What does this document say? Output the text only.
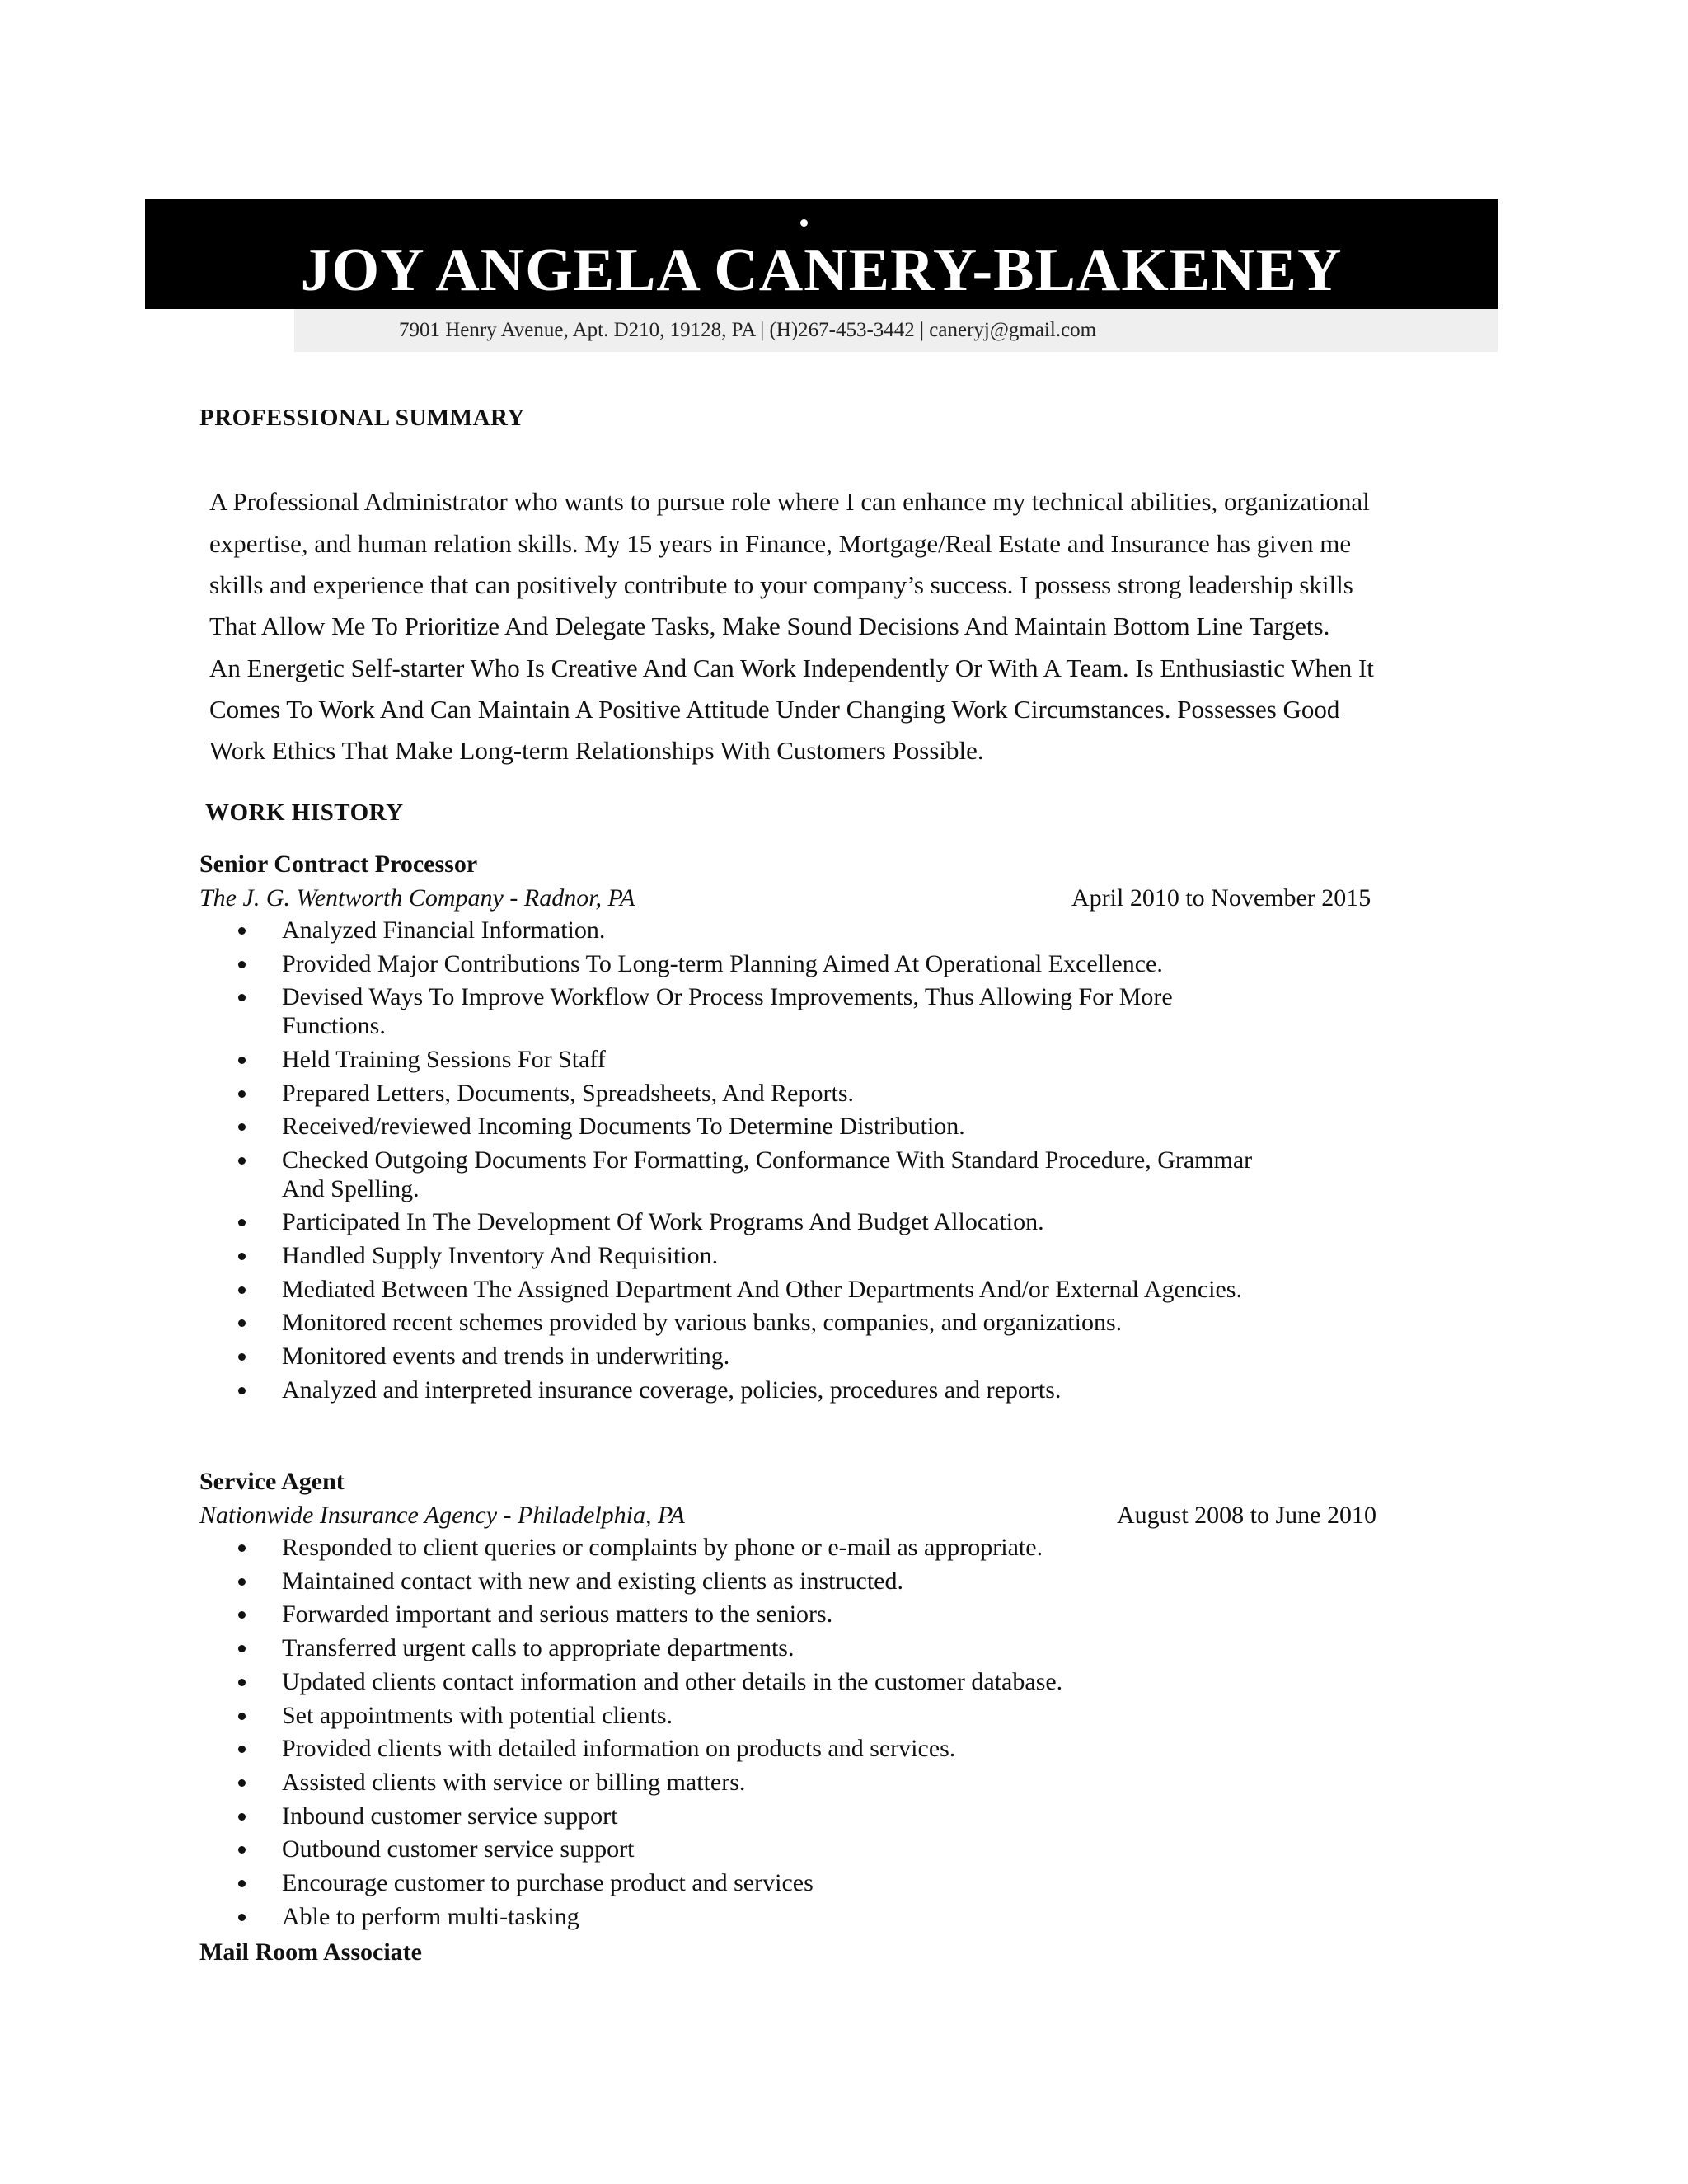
JOY ANGELA CANERY-BLAKENEY
7901 Henry Avenue, Apt. D210, 19128, PA | (H)267-453-3442 | caneryj@gmail.com
PROFESSIONAL SUMMARY
A Professional Administrator who wants to pursue role where I can enhance my technical abilities, organizational
expertise, and human relation skills. My 15 years in Finance, Mortgage/Real Estate and Insurance has given me
skills and experience that can positively contribute to your company’s success. I possess strong leadership skills
That Allow Me To Prioritize And Delegate Tasks, Make Sound Decisions And Maintain Bottom Line Targets.
An Energetic Self-starter Who Is Creative And Can Work Independently Or With A Team. Is Enthusiastic When It
Comes To Work And Can Maintain A Positive Attitude Under Changing Work Circumstances. Possesses Good
Work Ethics That Make Long-term Relationships With Customers Possible.
WORK HISTORY
Senior Contract Processor
The J. G. Wentworth Company - Radnor, PA	April 2010 to November 2015
Analyzed Financial Information.
Provided Major Contributions To Long-term Planning Aimed At Operational Excellence.
Devised Ways To Improve Workflow Or Process Improvements, Thus Allowing For More
Functions.
Held Training Sessions For Staff
Prepared Letters, Documents, Spreadsheets, And Reports.
Received/reviewed Incoming Documents To Determine Distribution.
Checked Outgoing Documents For Formatting, Conformance With Standard Procedure, Grammar
And Spelling.
Participated In The Development Of Work Programs And Budget Allocation.
Handled Supply Inventory And Requisition.
Mediated Between The Assigned Department And Other Departments And/or External Agencies.
Monitored recent schemes provided by various banks, companies, and organizations.
Monitored events and trends in underwriting.
Analyzed and interpreted insurance coverage, policies, procedures and reports.
Service Agent
Nationwide Insurance Agency - Philadelphia, PA	August 2008 to June 2010
Responded to client queries or complaints by phone or e-mail as appropriate.
Maintained contact with new and existing clients as instructed.
Forwarded important and serious matters to the seniors.
Transferred urgent calls to appropriate departments.
Updated clients contact information and other details in the customer database.
Set appointments with potential clients.
Provided clients with detailed information on products and services.
Assisted clients with service or billing matters.
Inbound customer service support
Outbound customer service support
Encourage customer to purchase product and services
Able to perform multi-tasking
Mail Room Associate
